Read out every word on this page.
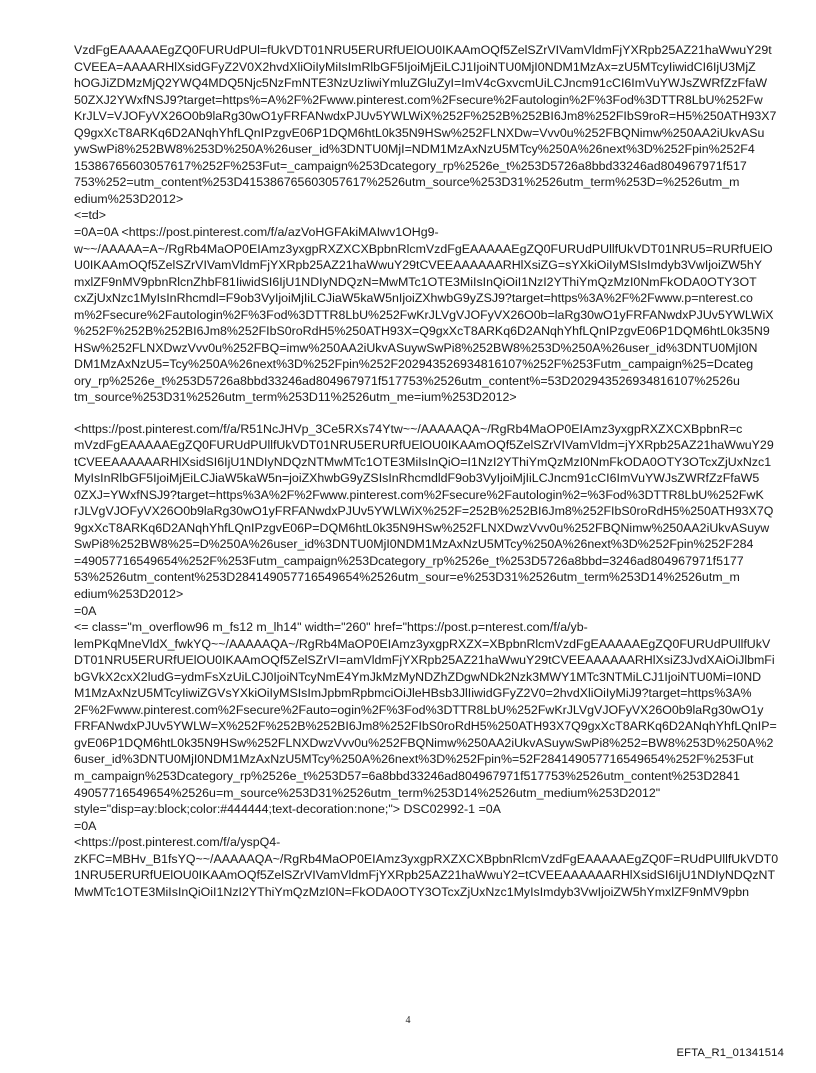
VzdFgEAAAAAEgZQ0FURUdPUl=fUkVDT01NRU5ERURfUElOU0IKAAmOQf5ZelSZrVIVamVldmFjYXRpb25AZ21haWwuY29t
CVEEA=AAAARHlXsidGFyZ2V0X2hvdXliOiIyMiIsImRlbGF5IjoiMjEiLCJ1IjoiNTU0MjI0NDM1MzAx=zU5MTcyIiwidCI6IjU3MjZ
hOGJiZDMzMjQ2YWQ4MDQ5Njc5NzFmNTE3NzUzIiwiYmluZGluZyI=ImV4cGxvcmUiLCJncm91cCI6ImVuYWJsZWRfZzFfaW
50ZXJ2YWxfNSJ9?target=https%=A%2F%2Fwww.pinterest.com%2Fsecure%2Fautologin%2F%3Fod%3DTTR8LbU%252Fw
KrJLV=VJOFyVX26O0b9laRg30wO1yFRFANwdxPJUv5YWLWiX%252F%252B%252BI6Jm8%252FIbS9roR=H5%250ATH93X7
Q9gxXcT8ARKq6D2ANqhYhfLQnIPzgvE06P1DQM6htL0k35N9HSw%252FLNXDw=Vvv0u%252FBQNimw%250AA2iUkvASu
ywSwPi8%252BW8%253D%250A%26user_id%3DNTU0MjI=NDM1MzAxNzU5MTcy%250A%26next%3D%252Fpin%252F4
15386765603057617%252F%253Fut=_campaign%253Dcategory_rp%2526e_t%253D5726a8bbd33246ad804967971f517
753%252=utm_content%253D415386765603057617%2526utm_source%253D31%2526utm_term%253D=%2526utm_m
edium%253D2012>
<=td>
=0A=0A <https://post.pinterest.com/f/a/azVoHGFAkiMAIwv1OHg9-
w~~/AAAAA=A~/RgRb4MaOP0EIAmz3yxgpRXZXCXBpbnRlcmVzdFgEAAAAAEgZQ0FURUdPUllfUkVDT01NRU5=RURfUElO
U0IKAAmOQf5ZelSZrVIVamVldmFjYXRpb25AZ21haWwuY29tCVEEAAAAAARHlXsiZG=sYXkiOiIyMSIsImdyb3VwIjoiZW5hY
mxlZF9nMV9pbnRlcnZhbF81IiwidSI6IjU1NDIyNDQzN=MwMTc1OTE3MiIsInQiOiI1NzI2YThiYmQzMzI0NmFkODA0OTY3OT
cxZjUxNzc1MyIsInRhcmdl=F9ob3VyIjoiMjIiLCJiaW5kaW5nIjoiZXhwbG9yZSJ9?target=https%3A%2F%2Fwww.p=nterest.co
m%2Fsecure%2Fautologin%2F%3Fod%3DTTR8LbU%252FwKrJLVgVJOFyVX26O0b=laRg30wO1yFRFANwdxPJUv5YWLWiX
%252F%252B%252BI6Jm8%252FIbS0roRdH5%250ATH93X=Q9gxXcT8ARKq6D2ANqhYhfLQnIPzgvE06P1DQM6htL0k35N9
HSw%252FLNXDwzVvv0u%252FBQ=imw%250AA2iUkvASuywSwPi8%252BW8%253D%250A%26user_id%3DNTU0MjI0N
DM1MzAxNzU5=Tcy%250A%26next%3D%252Fpin%252F202943526934816107%252F%253Futm_campaign%25=Dcateg
ory_rp%2526e_t%253D5726a8bbd33246ad804967971f517753%2526utm_content%=53D202943526934816107%2526u
tm_source%253D31%2526utm_term%253D11%2526utm_me=ium%253D2012>
<https://post.pinterest.com/f/a/R51NcJHVp_3Ce5RXs74Ytw~~/AAAAAQA~/RgRb4MaOP0EIAmz3yxgpRXZXCXBpbnR=c
mVzdFgEAAAAAEgZQ0FURUdPUllfUkVDT01NRU5ERURfUElOU0IKAAmOQf5ZelSZrVIVamVldm=jYXRpb25AZ21haWwuY29
tCVEEAAAAAARHlXsidSI6IjU1NDIyNDQzNTMwMTc1OTE3MiIsInQiO=I1NzI2YThiYmQzMzI0NmFkODA0OTY3OTcxZjUxNzc1
MyIsInRlbGF5IjoiMjEiLCJiaW5kaW5n=joiZXhwbG9yZSIsInRhcmdldF9ob3VyIjoiMjIiLCJncm91cCI6ImVuYWJsZWRfZzFfaW5
0ZXJ=YWxfNSJ9?target=https%3A%2F%2Fwww.pinterest.com%2Fsecure%2Fautologin%2=%3Fod%3DTTR8LbU%252FwK
rJLVgVJOFyVX26O0b9laRg30wO1yFRFANwdxPJUv5YWLWiX%252F=252B%252BI6Jm8%252FIbS0roRdH5%250ATH93X7Q
9gxXcT8ARKq6D2ANqhYhfLQnIPzgvE06P=DQM6htL0k35N9HSw%252FLNXDwzVvv0u%252FBQNimw%250AA2iUkvASuyw
SwPi8%252BW8%25=D%250A%26user_id%3DNTU0MjI0NDM1MzAxNzU5MTcy%250A%26next%3D%252Fpin%252F284
=49057716549654%252F%253Futm_campaign%253Dcategory_rp%2526e_t%253D5726a8bbd=3246ad804967971f5177
53%2526utm_content%253D284149057716549654%2526utm_sour=e%253D31%2526utm_term%253D14%2526utm_m
edium%253D2012>
=0A
<= class="m_overflow96 m_fs12 m_lh14" width="260" href="https://post.p=nterest.com/f/a/yb-
lemPKqMneVldX_fwkYQ~~/AAAAAQA~/RgRb4MaOP0EIAmz3yxgpRXZX=XBpbnRlcmVzdFgEAAAAAEgZQ0FURUdPUllfUkV
DT01NRU5ERURfUElOU0IKAAmOQf5ZelSZrVI=amVldmFjYXRpb25AZ21haWwuY29tCVEEAAAAAARHlXsiZ3JvdXAiOiJlbmFi
bGVkX2cxX2ludG=ydmFsXzUiLCJ0IjoiNTcyNmE4YmJkMzMyNDZhZDgwNDk2Nzk3MWY1MTc3NTMiLCJ1IjoiNTU0Mi=I0ND
M1MzAxNzU5MTcyIiwiZGVsYXkiOiIyMSIsImJpbmRpbmciOiJleHBsb3JlIiwidGFyZ2V0=2hvdXliOiIyMiJ9?target=https%3A%
2F%2Fwww.pinterest.com%2Fsecure%2Fauto=ogin%2F%3Fod%3DTTR8LbU%252FwKrJLVgVJOFyVX26O0b9laRg30wO1y
FRFANwdxPJUv5YWLW=X%252F%252B%252BI6Jm8%252FIbS0roRdH5%250ATH93X7Q9gxXcT8ARKq6D2ANqhYhfLQnIP=
gvE06P1DQM6htL0k35N9HSw%252FLNXDwzVvv0u%252FBQNimw%250AA2iUkvASuywSwPi8%252=BW8%253D%250A%2
6user_id%3DNTU0MjI0NDM1MzAxNzU5MTcy%250A%26next%3D%252Fpin%=52F284149057716549654%252F%253Fut
m_campaign%253Dcategory_rp%2526e_t%253D57=6a8bbd33246ad804967971f517753%2526utm_content%253D2841
49057716549654%2526u=m_source%253D31%2526utm_term%253D14%2526utm_medium%253D2012"
style="disp=ay:block;color:#444444;text-decoration:none;"> DSC02992-1 =0A
=0A
<https://post.pinterest.com/f/a/yspQ4-
zKFC=MBHv_B1fsYQ~~/AAAAAQA~/RgRb4MaOP0EIAmz3yxgpRXZXCXBpbnRlcmVzdFgEAAAAAEgZQ0F=RUdPUllfUkVDT0
1NRU5ERURfUElOU0IKAAmOQf5ZelSZrVIVamVldmFjYXRpb25AZ21haWwuY2=tCVEEAAAAAARHlXsidSI6IjU1NDIyNDQzNT
MwMTc1OTE3MiIsInQiOiI1NzI2YThiYmQzMzI0N=FkODA0OTY3OTcxZjUxNzc1MyIsImdyb3VwIjoiZW5hYmxlZF9nMV9pbn
4
EFTA_R1_01341514
